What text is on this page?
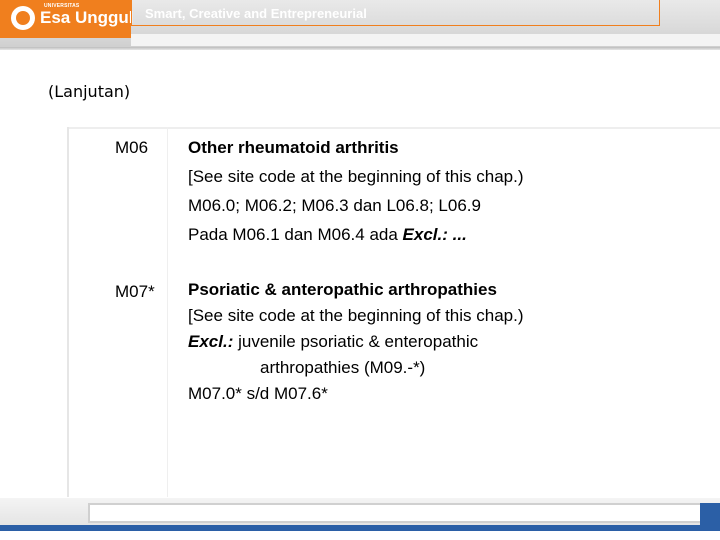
UNIVERSITAS
Esa Unggul Smart, Creative and Entrepreneurial
(Lanjutan)
M06 Other rheumatoid arthritis
[See site code at the beginning of this chap.)
M06.0; M06.2; M06.3 dan L06.8; L06.9
Pada M06.1 dan M06.4 ada Excl.: ...
M07* Psoriatic & anteropathic arthropathies
[See site code at the beginning of this chap.)
Excl.: juvenile psoriatic & enteropathic
arthropathies (M09.-*)
M07.0* s/d M07.6*
